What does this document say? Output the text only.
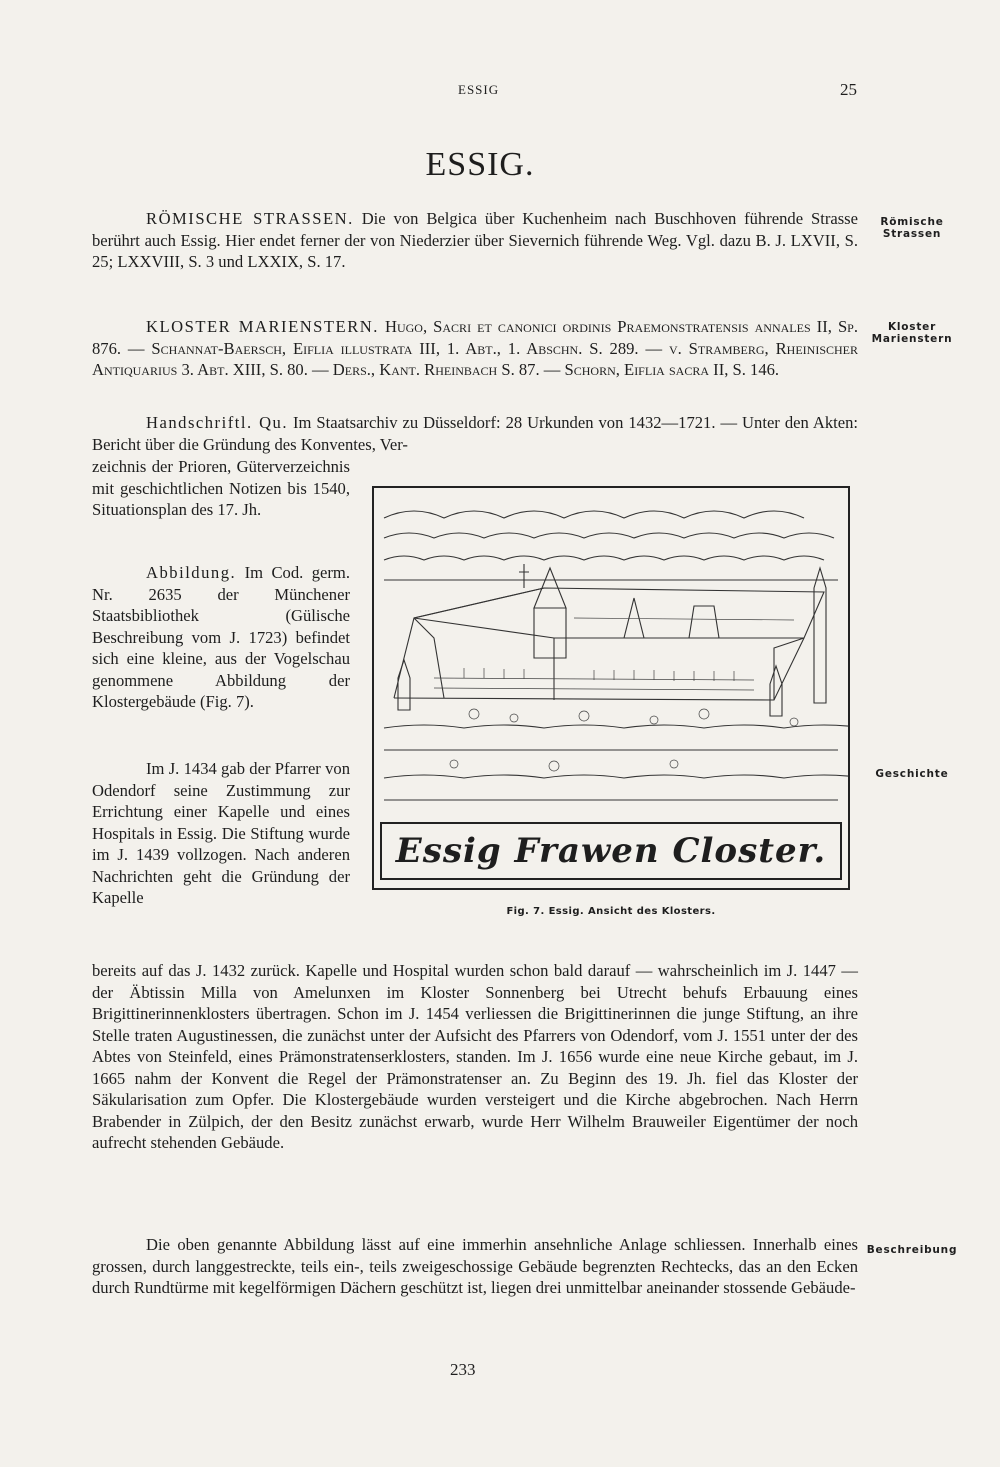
ESSIG	25
ESSIG.
Römische Strassen
Kloster Marienstern
Geschichte
Beschreibung

RÖMISCHE STRASSEN. Die von Belgica über Kuchenheim nach Buschhoven führende Strasse berührt auch Essig. Hier endet ferner der von Niederzier über Sievernich führende Weg. Vgl. dazu B. J. LXVII, S. 25; LXXVIII, S. 3 und LXXIX, S. 17.

KLOSTER MARIENSTERN. Hugo, Sacri et canonici ordinis Praemonstratensis annales II, Sp. 876. — Schannat-Baersch, Eiflia illustrata III, 1. Abt., 1. Abschn. S. 289. — v. Stramberg, Rheinischer Antiquarius 3. Abt. XIII, S. 80. — Ders., Kant. Rheinbach S. 87. — Schorn, Eiflia sacra II, S. 146.

Handschriftl. Qu. Im Staatsarchiv zu Düsseldorf: 28 Urkunden von 1432—1721. — Unter den Akten: Bericht über die Gründung des Konventes, Ver-

zeichnis der Prioren, Güterverzeichnis mit geschichtlichen Notizen bis 1540, Situationsplan des 17. Jh.

Abbildung. Im Cod. germ. Nr. 2635 der Münchener Staatsbibliothek (Gülische Beschreibung vom J. 1723) befindet sich eine kleine, aus der Vogelschau genommene Abbildung der Klostergebäude (Fig. 7).

Im J. 1434 gab der Pfarrer von Odendorf seine Zustimmung zur Errichtung einer Kapelle und eines Hospitals in Essig. Die Stiftung wurde im J. 1439 vollzogen. Nach anderen Nachrichten geht die Gründung der Kapelle

bereits auf das J. 1432 zurück. Kapelle und Hospital wurden schon bald darauf — wahrscheinlich im J. 1447 — der Äbtissin Milla von Amelunxen im Kloster Sonnenberg bei Utrecht behufs Erbauung eines Brigittinerinnenklosters übertragen. Schon im J. 1454 verliessen die Brigittinerinnen die junge Stiftung, an ihre Stelle traten Augustinessen, die zunächst unter der Aufsicht des Pfarrers von Odendorf, vom J. 1551 unter der des Abtes von Steinfeld, eines Prämonstratenserklosters, standen. Im J. 1656 wurde eine neue Kirche gebaut, im J. 1665 nahm der Konvent die Regel der Prämonstratenser an. Zu Beginn des 19. Jh. fiel das Kloster der Säkularisation zum Opfer. Die Klostergebäude wurden versteigert und die Kirche abgebrochen. Nach Herrn Brabender in Zülpich, der den Besitz zunächst erwarb, wurde Herr Wilhelm Brauweiler Eigentümer der noch aufrecht stehenden Gebäude.

Die oben genannte Abbildung lässt auf eine immerhin ansehnliche Anlage schliessen. Innerhalb eines grossen, durch langgestreckte, teils ein-, teils zweigeschossige Gebäude begrenzten Rechtecks, das an den Ecken durch Rundtürme mit kegelförmigen Dächern geschützt ist, liegen drei unmittelbar aneinander stossende Gebäude-

Essig Frawen Closter.
Fig. 7. Essig. Ansicht des Klosters.
233
